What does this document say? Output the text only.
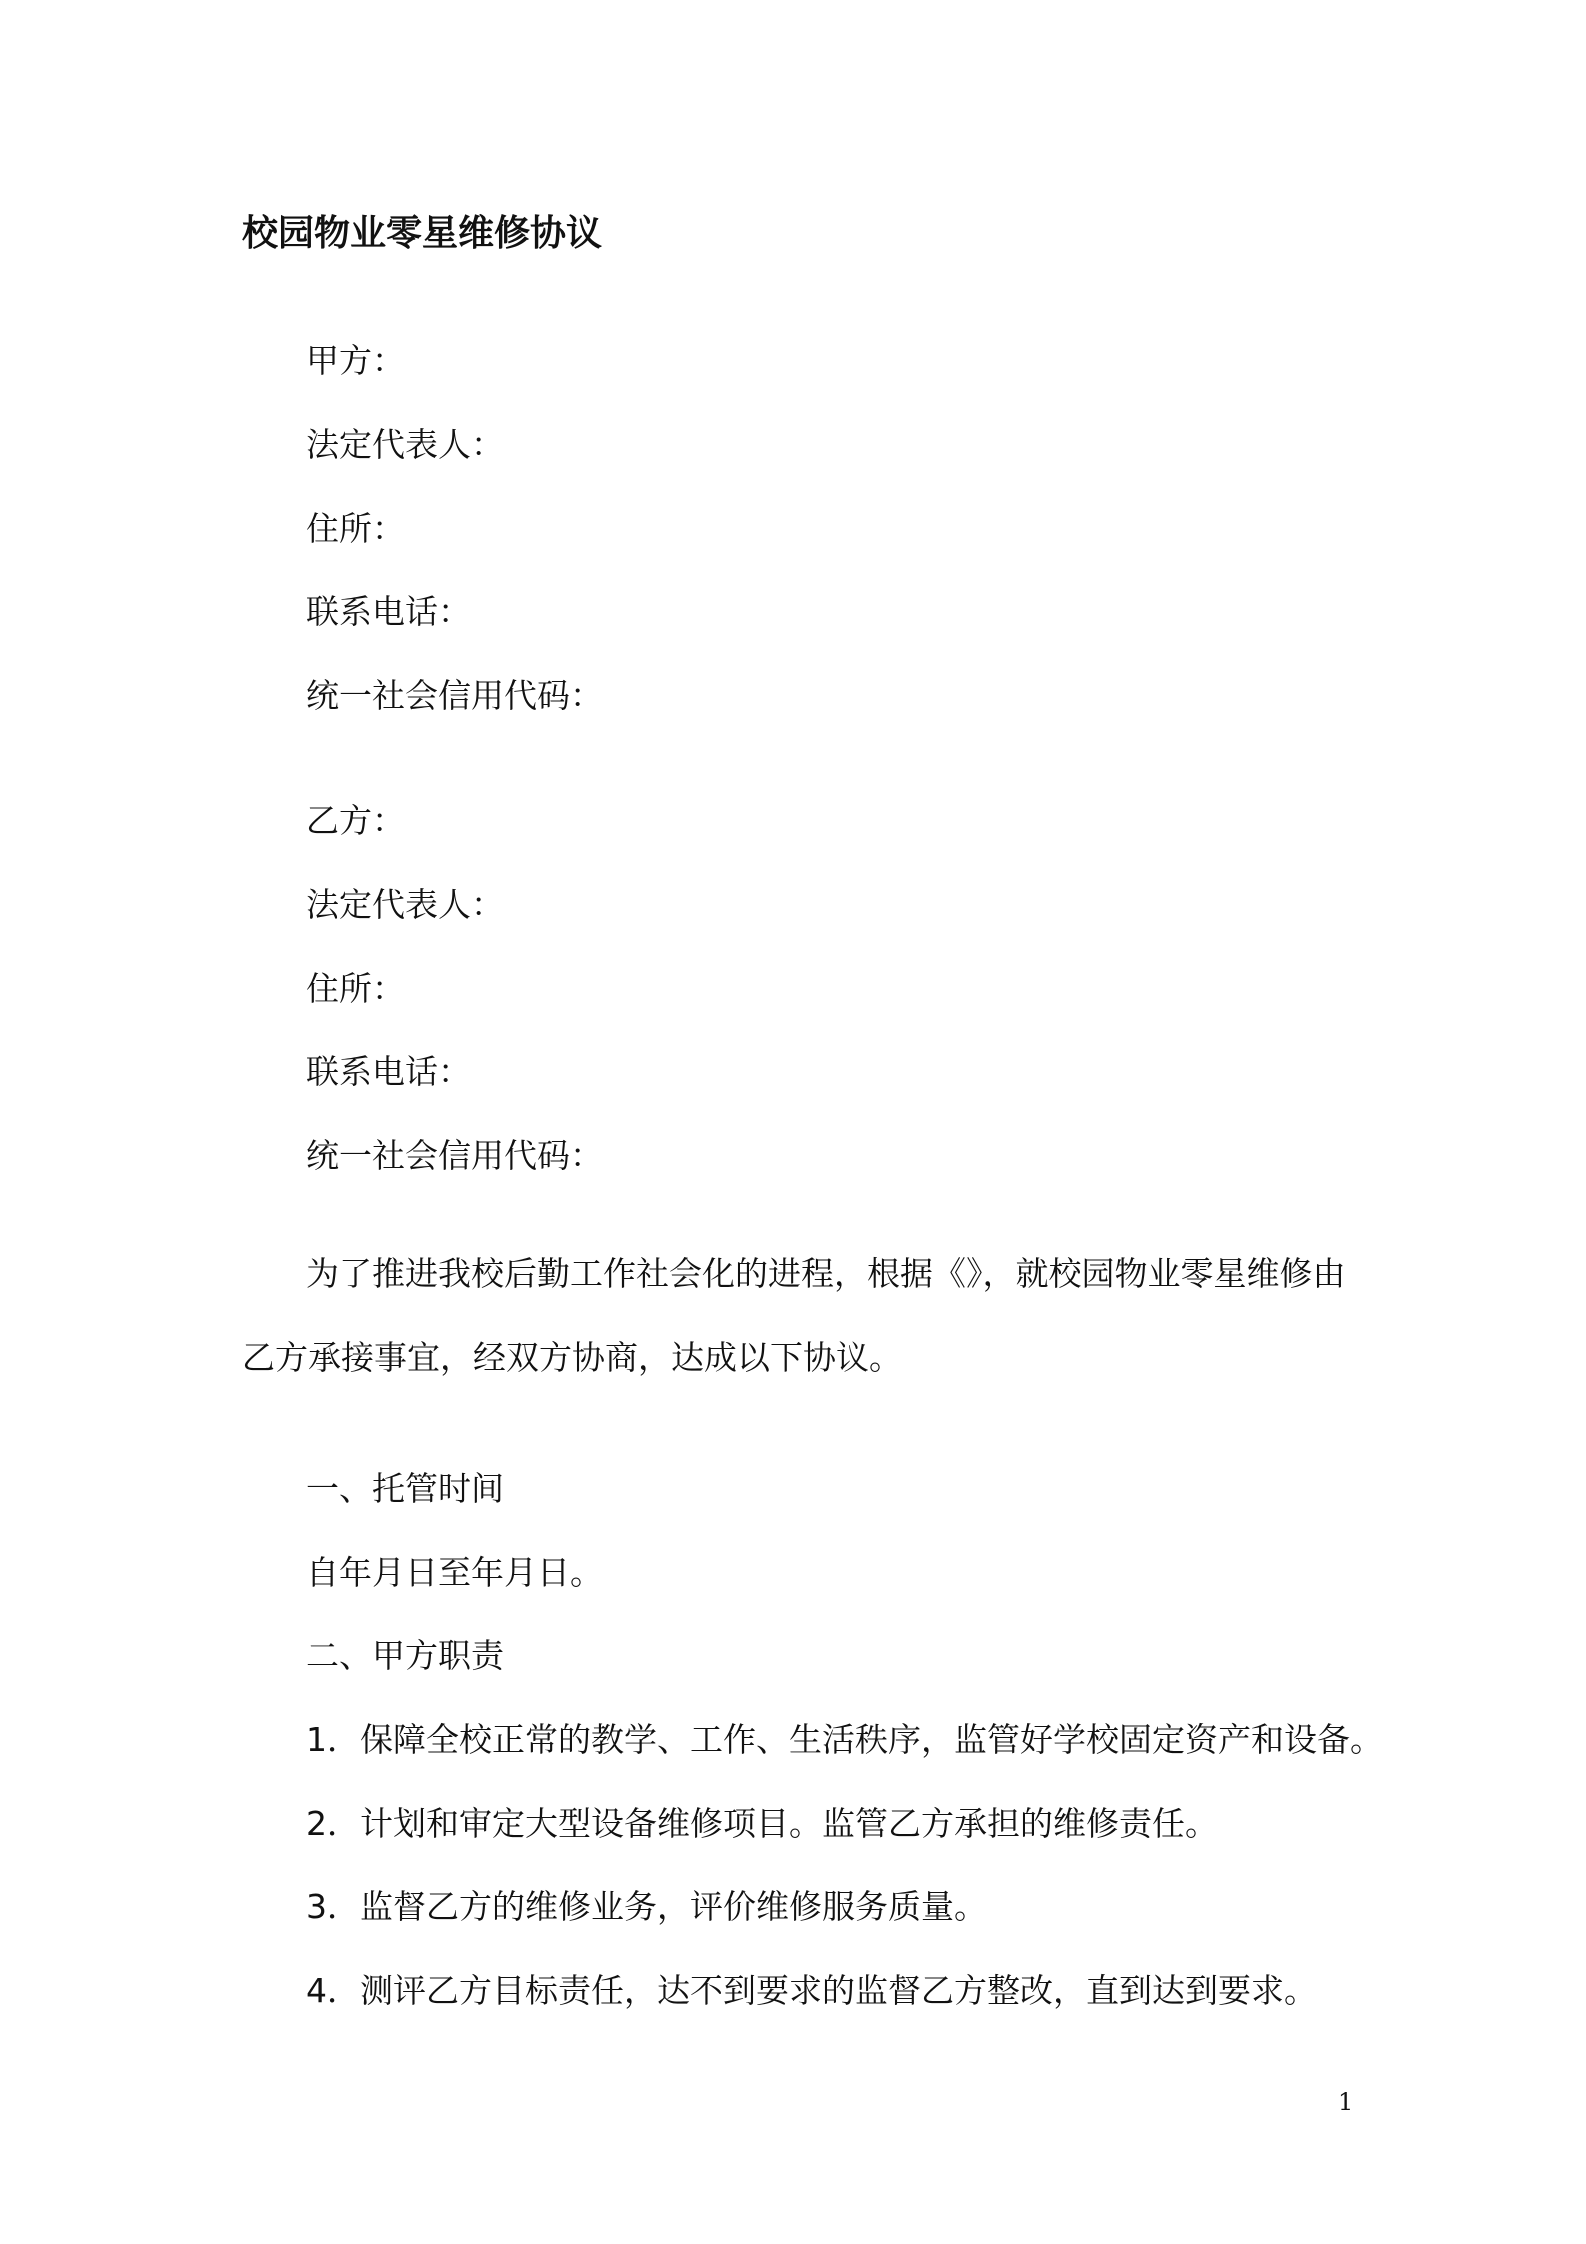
校园物业零星维修协议
甲方：
法定代表人：
住所：
联系电话：
统一社会信用代码：
乙方：
法定代表人：
住所：
联系电话：
统一社会信用代码：
为了推进我校后勤工作社会化的进程，根据《》，就校园物业零星维修由乙方承接事宜，经双方协商，达成以下协议。
一、托管时间
自年月日至年月日。
二、甲方职责
1．保障全校正常的教学、工作、生活秩序，监管好学校固定资产和设备。
2．计划和审定大型设备维修项目。监管乙方承担的维修责任。
3．监督乙方的维修业务，评价维修服务质量。
4．测评乙方目标责任，达不到要求的监督乙方整改，直到达到要求。
1
